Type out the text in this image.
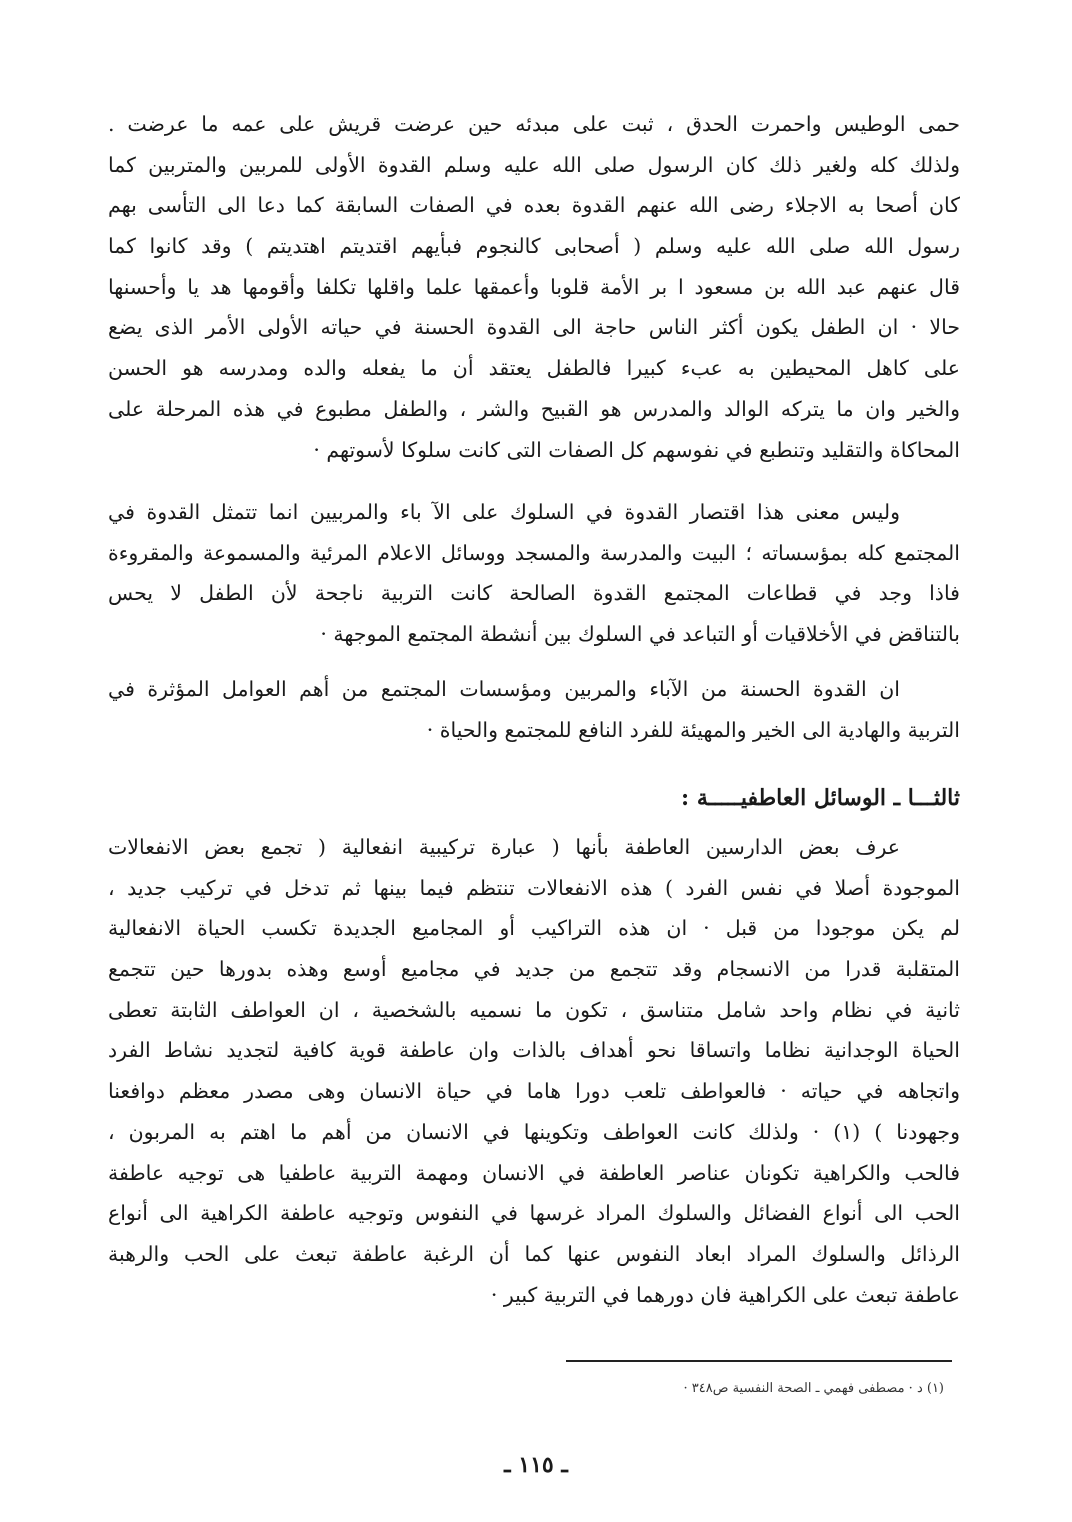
حمى الوطيس واحمرت الحدق ، ثبت على مبدئه حين عرضت قريش على عمه ما عرضت .
ولذلك كله ولغير ذلك كان الرسول صلى الله عليه وسلم القدوة الأولى للمربين والمتربين كما
كان أصحا به الاجلاء رضى الله عنهم القدوة بعده في الصفات السابقة كما دعا الى التأسى بهم
رسول الله صلى الله عليه وسلم ( أصحابى كالنجوم فبأيهم اقتديتم اهتديتم ) وقد كانوا كما
قال عنهم عبد الله بن مسعود ا بر الأمة قلوبا وأعمقها علما واقلها تكلفا وأقومها هد يا وأحسنها
حالا · ان الطفل يكون أكثر الناس حاجة الى القدوة الحسنة في حياته الأولى الأمر الذى يضع
على كاهل المحيطين به عبء كبيرا فالطفل يعتقد أن ما يفعله والده ومدرسه هو الحسن
والخير وان ما يتركه الوالد والمدرس هو القبيح والشر ، والطفل مطبوع في هذه المرحلة على
المحاكاة والتقليد وتنطبع في نفوسهم كل الصفات التى كانت سلوكا لأسوتهم ·
وليس معنى هذا اقتصار القدوة في السلوك على الآ باء والمربيين انما تتمثل القدوة في
المجتمع كله بمؤسساته ؛ البيت والمدرسة والمسجد ووسائل الاعلام المرئية والمسموعة والمقروءة
فاذا وجد في قطاعات المجتمع القدوة الصالحة كانت التربية ناجحة لأن الطفل لا يحس
بالتناقض في الأخلاقيات أو التباعد في السلوك بين أنشطة المجتمع الموجهة ·
ان القدوة الحسنة من الآباء والمربين ومؤسسات المجتمع من أهم العوامل المؤثرة في
التربية والهادية الى الخير والمهيئة للفرد النافع للمجتمع والحياة ·
ثالثـــا ـ الوسائل العاطفيـــــة :
عرف بعض الدارسين العاطفة بأنها ( عبارة تركيبية انفعالية ( تجمع بعض الانفعالات
الموجودة أصلا في نفس الفرد ) هذه الانفعالات تنتظم فيما بينها ثم تدخل في تركيب جديد ،
لم يكن موجودا من قبل · ان هذه التراكيب أو المجاميع الجديدة تكسب الحياة الانفعالية
المتقلبة قدرا من الانسجام وقد تتجمع من جديد في مجاميع أوسع وهذه بدورها حين تتجمع
ثانية في نظام واحد شامل متناسق ، تكون ما نسميه بالشخصية ، ان العواطف الثابتة تعطى
الحياة الوجدانية نظاما واتساقا نحو أهداف بالذات وان عاطفة قوية كافية لتجديد نشاط الفرد
واتجاهه في حياته · فالعواطف تلعب دورا هاما في حياة الانسان وهى مصدر معظم دوافعنا
وجهودنا ) (١) · ولذلك كانت العواطف وتكوينها في الانسان من أهم ما اهتم به المربون ،
فالحب والكراهية تكونان عناصر العاطفة في الانسان ومهمة التربية عاطفيا هى توجيه عاطفة
الحب الى أنواع الفضائل والسلوك المراد غرسها في النفوس وتوجيه عاطفة الكراهية الى أنواع
الرذائل والسلوك المراد ابعاد النفوس عنها كما أن الرغبة عاطفة تبعث على الحب والرهبة
عاطفة تبعث على الكراهية فان دورهما في التربية كبير ·
(١) د · مصطفى فهمي ـ الصحة النفسية ص٣٤٨ ·
ـ ١١٥ ـ
